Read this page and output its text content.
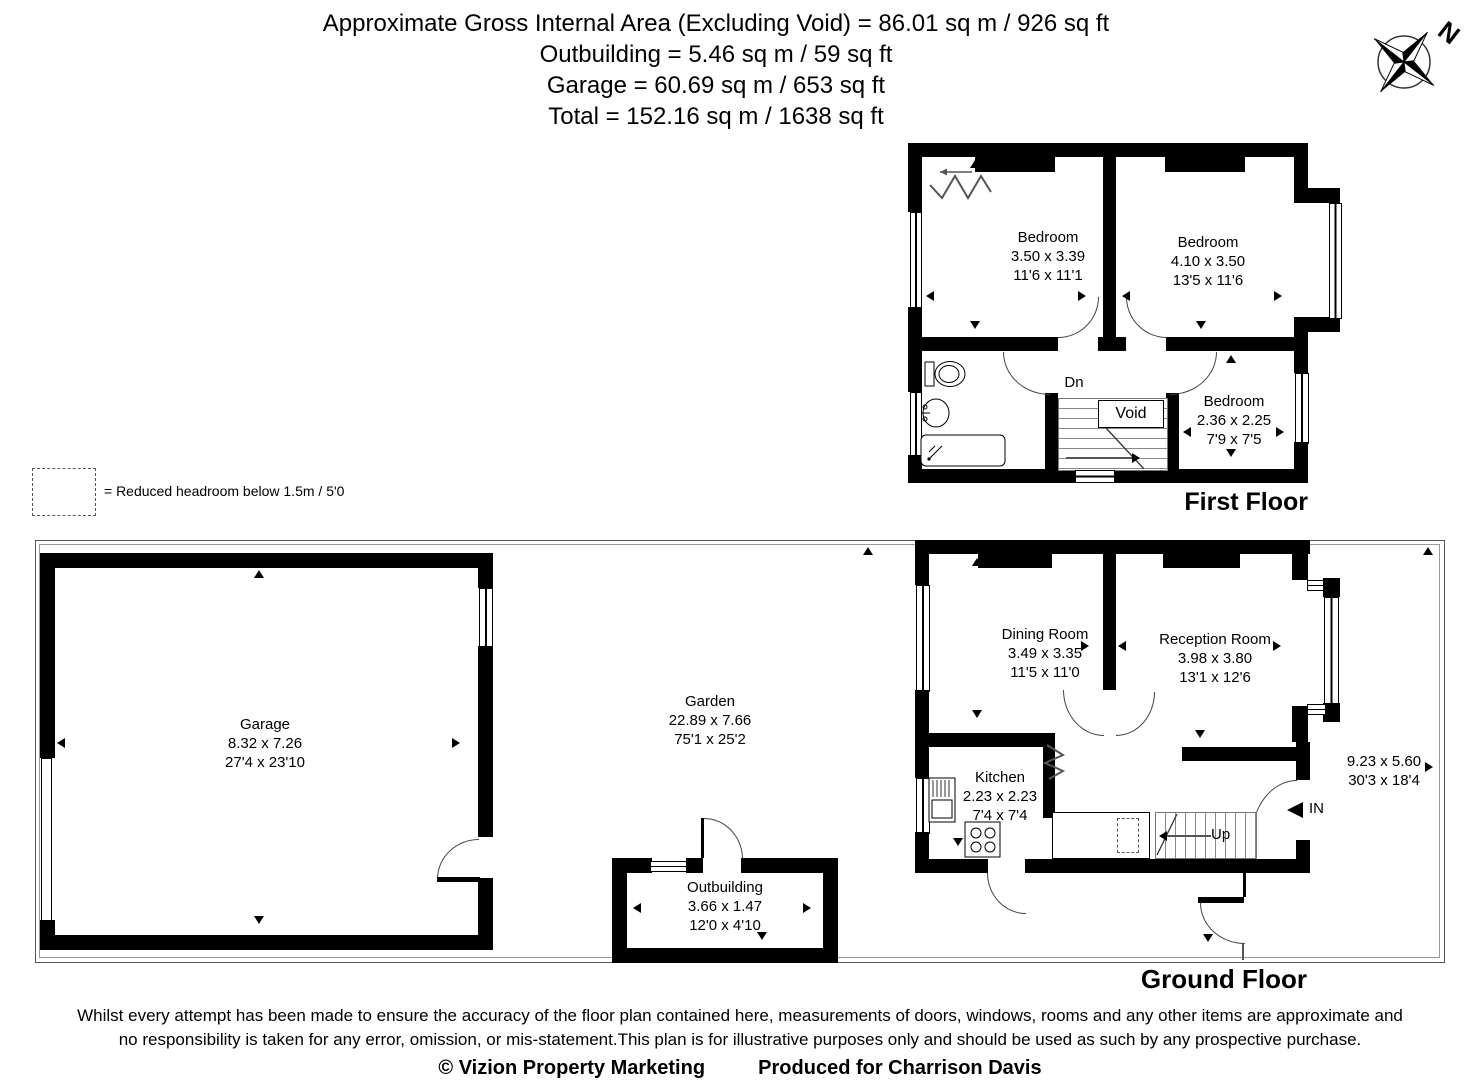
Approximate Gross Internal Area (Excluding Void) = 86.01 sq m / 926 sq ft
Outbuilding = 5.46 sq m / 59 sq ft
Garage = 60.69 sq m / 653 sq ft
Total = 152.16 sq m / 1638 sq ft
N
= Reduced headroom below 1.5m / 5'0
Void
Dn
Bedroom
3.50 x 3.39
11'6 x 11'1
Bedroom
4.10 x 3.50
13'5 x 11'6
Bedroom
2.36 x 2.25
7'9 x 7'5
First Floor
Garage
8.32 x 7.26
27'4 x 23'10
Garden
22.89 x 7.66
75'1 x 25'2
Outbuilding
3.66 x 1.47
12'0 x 4'10
Up
IN
Dining Room
3.49 x 3.35
11'5 x 11'0
Reception Room
3.98 x 3.80
13'1 x 12'6
Kitchen
2.23 x 2.23
7'4 x 7'4
9.23 x 5.60
30'3 x 18'4
Ground Floor
Whilst every attempt has been made to ensure the accuracy of the floor plan contained here, measurements of doors, windows, rooms and any other items are approximate and
no responsibility is taken for any error, omission, or mis-statement.This plan is for illustrative purposes only and should be used as such by any prospective purchase.
© Vizion Property Marketing	Produced for Charrison Davis
